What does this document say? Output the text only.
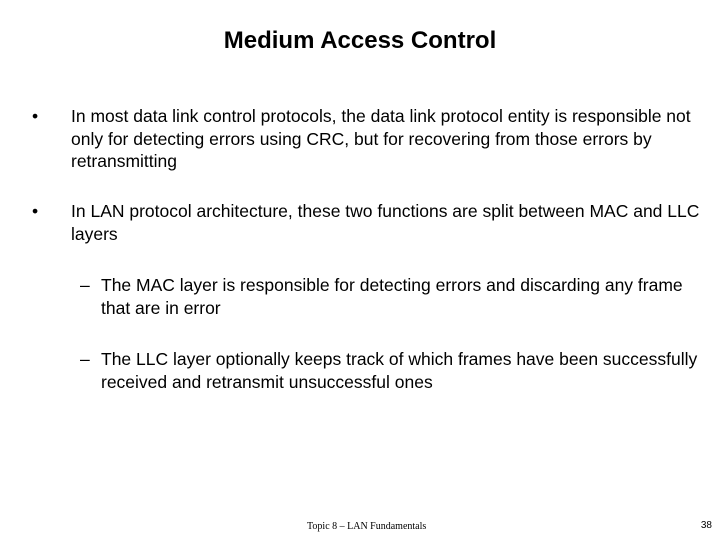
Medium Access Control
• In most data link control protocols, the data link protocol entity is responsible not only for detecting errors using CRC, but for recovering from those errors by retransmitting
• In LAN protocol architecture, these two functions are split between MAC and LLC layers
– The MAC layer is responsible for detecting errors and discarding any frame that are in error
– The LLC layer optionally keeps track of which frames have been successfully received and retransmit unsuccessful ones
Topic 8 – LAN Fundamentals	38
